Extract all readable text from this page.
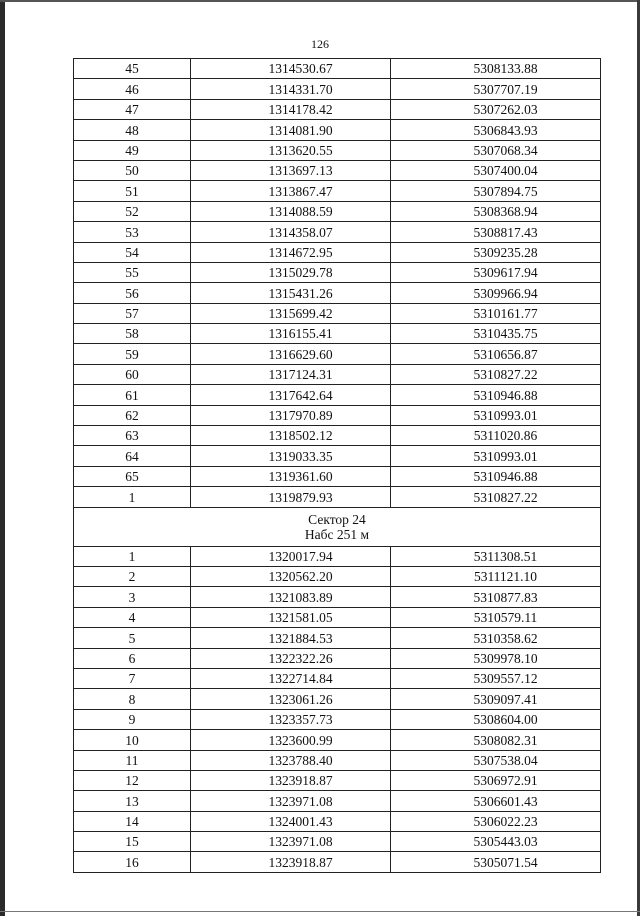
126
45	1314530.67	5308133.88
46	1314331.70	5307707.19
47	1314178.42	5307262.03
48	1314081.90	5306843.93
49	1313620.55	5307068.34
50	1313697.13	5307400.04
51	1313867.47	5307894.75
52	1314088.59	5308368.94
53	1314358.07	5308817.43
54	1314672.95	5309235.28
55	1315029.78	5309617.94
56	1315431.26	5309966.94
57	1315699.42	5310161.77
58	1316155.41	5310435.75
59	1316629.60	5310656.87
60	1317124.31	5310827.22
61	1317642.64	5310946.88
62	1317970.89	5310993.01
63	1318502.12	5311020.86
64	1319033.35	5310993.01
65	1319361.60	5310946.88
1	1319879.93	5310827.22

Сектор 24
Набс 251 м		

1	1320017.94	5311308.51
2	1320562.20	5311121.10
3	1321083.89	5310877.83
4	1321581.05	5310579.11
5	1321884.53	5310358.62
6	1322322.26	5309978.10
7	1322714.84	5309557.12
8	1323061.26	5309097.41
9	1323357.73	5308604.00
10	1323600.99	5308082.31
11	1323788.40	5307538.04
12	1323918.87	5306972.91
13	1323971.08	5306601.43
14	1324001.43	5306022.23
15	1323971.08	5305443.03
16	1323918.87	5305071.54
